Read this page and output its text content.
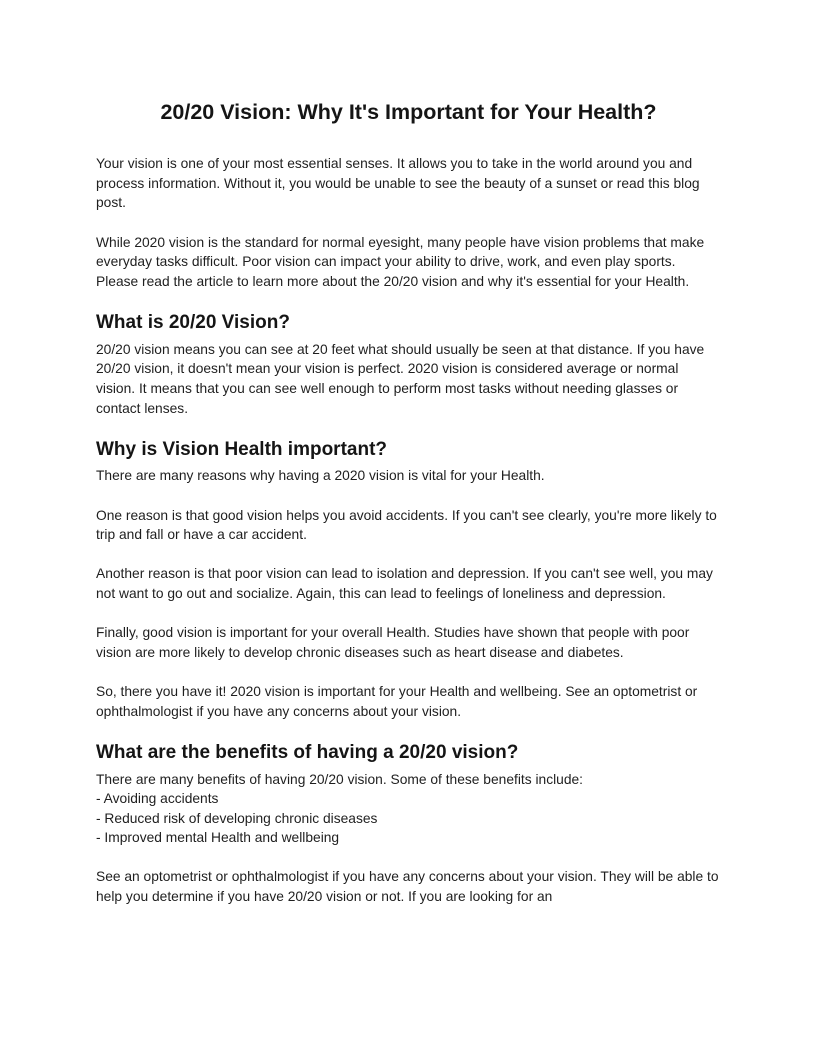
20/20 Vision: Why It's Important for Your Health?

Your vision is one of your most essential senses. It allows you to take in the world around you and process information. Without it, you would be unable to see the beauty of a sunset or read this blog post.

While 2020 vision is the standard for normal eyesight, many people have vision problems that make everyday tasks difficult. Poor vision can impact your ability to drive, work, and even play sports. Please read the article to learn more about the 20/20 vision and why it's essential for your Health.

What is 20/20 Vision?

20/20 vision means you can see at 20 feet what should usually be seen at that distance. If you have 20/20 vision, it doesn't mean your vision is perfect. 2020 vision is considered average or normal vision. It means that you can see well enough to perform most tasks without needing glasses or contact lenses.

Why is Vision Health important?

There are many reasons why having a 2020 vision is vital for your Health.

One reason is that good vision helps you avoid accidents. If you can't see clearly, you're more likely to trip and fall or have a car accident.

Another reason is that poor vision can lead to isolation and depression. If you can't see well, you may not want to go out and socialize. Again, this can lead to feelings of loneliness and depression.

Finally, good vision is important for your overall Health. Studies have shown that people with poor vision are more likely to develop chronic diseases such as heart disease and diabetes.

So, there you have it! 2020 vision is important for your Health and wellbeing. See an optometrist or ophthalmologist if you have any concerns about your vision.

What are the benefits of having a 20/20 vision?

There are many benefits of having 20/20 vision. Some of these benefits include:

- Avoiding accidents
- Reduced risk of developing chronic diseases
- Improved mental Health and wellbeing

See an optometrist or ophthalmologist if you have any concerns about your vision. They will be able to help you determine if you have 20/20 vision or not. If you are looking for an
